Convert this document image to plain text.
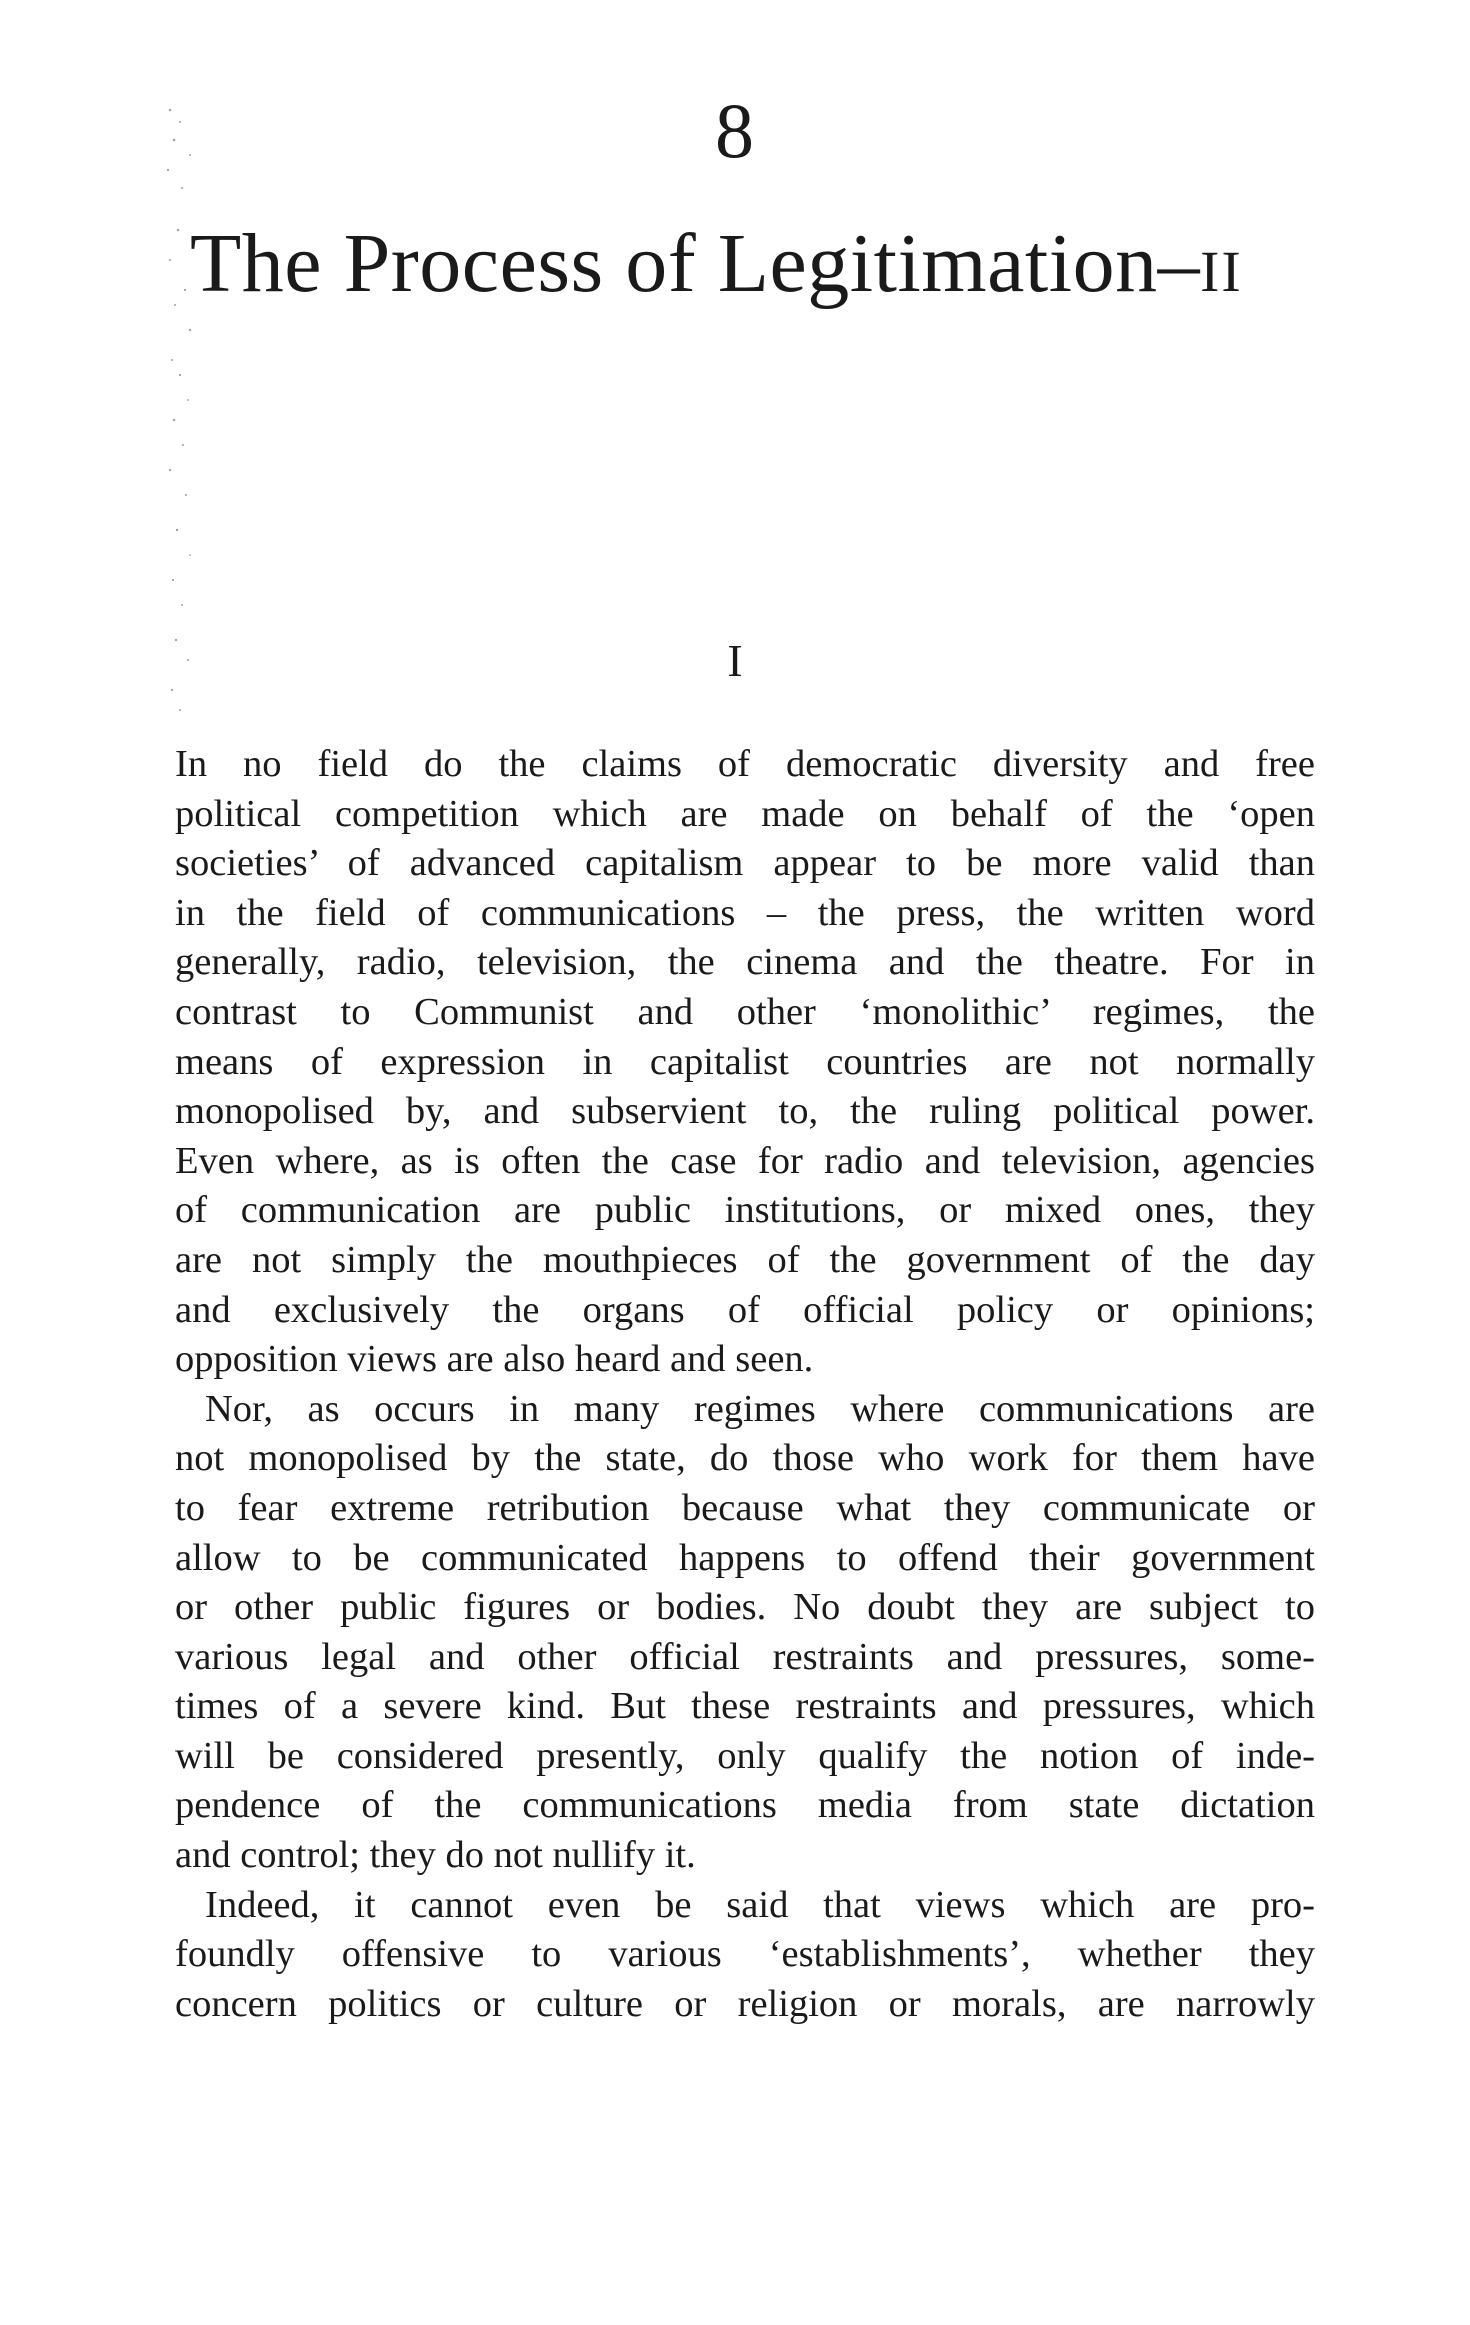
8
The Process of Legitimation–II
I
In no field do the claims of democratic diversity and free
political competition which are made on behalf of the ‘open
societies’ of advanced capitalism appear to be more valid than
in the field of communications – the press, the written word
generally, radio, television, the cinema and the theatre. For in
contrast to Communist and other ‘monolithic’ regimes, the
means of expression in capitalist countries are not normally
monopolised by, and subservient to, the ruling political power.
Even where, as is often the case for radio and television, agencies
of communication are public institutions, or mixed ones, they
are not simply the mouthpieces of the government of the day
and exclusively the organs of official policy or opinions;
opposition views are also heard and seen.
Nor, as occurs in many regimes where communications are
not monopolised by the state, do those who work for them have
to fear extreme retribution because what they communicate or
allow to be communicated happens to offend their government
or other public figures or bodies. No doubt they are subject to
various legal and other official restraints and pressures, some-
times of a severe kind. But these restraints and pressures, which
will be considered presently, only qualify the notion of inde-
pendence of the communications media from state dictation
and control; they do not nullify it.
Indeed, it cannot even be said that views which are pro-
foundly offensive to various ‘establishments’, whether they
concern politics or culture or religion or morals, are narrowly
